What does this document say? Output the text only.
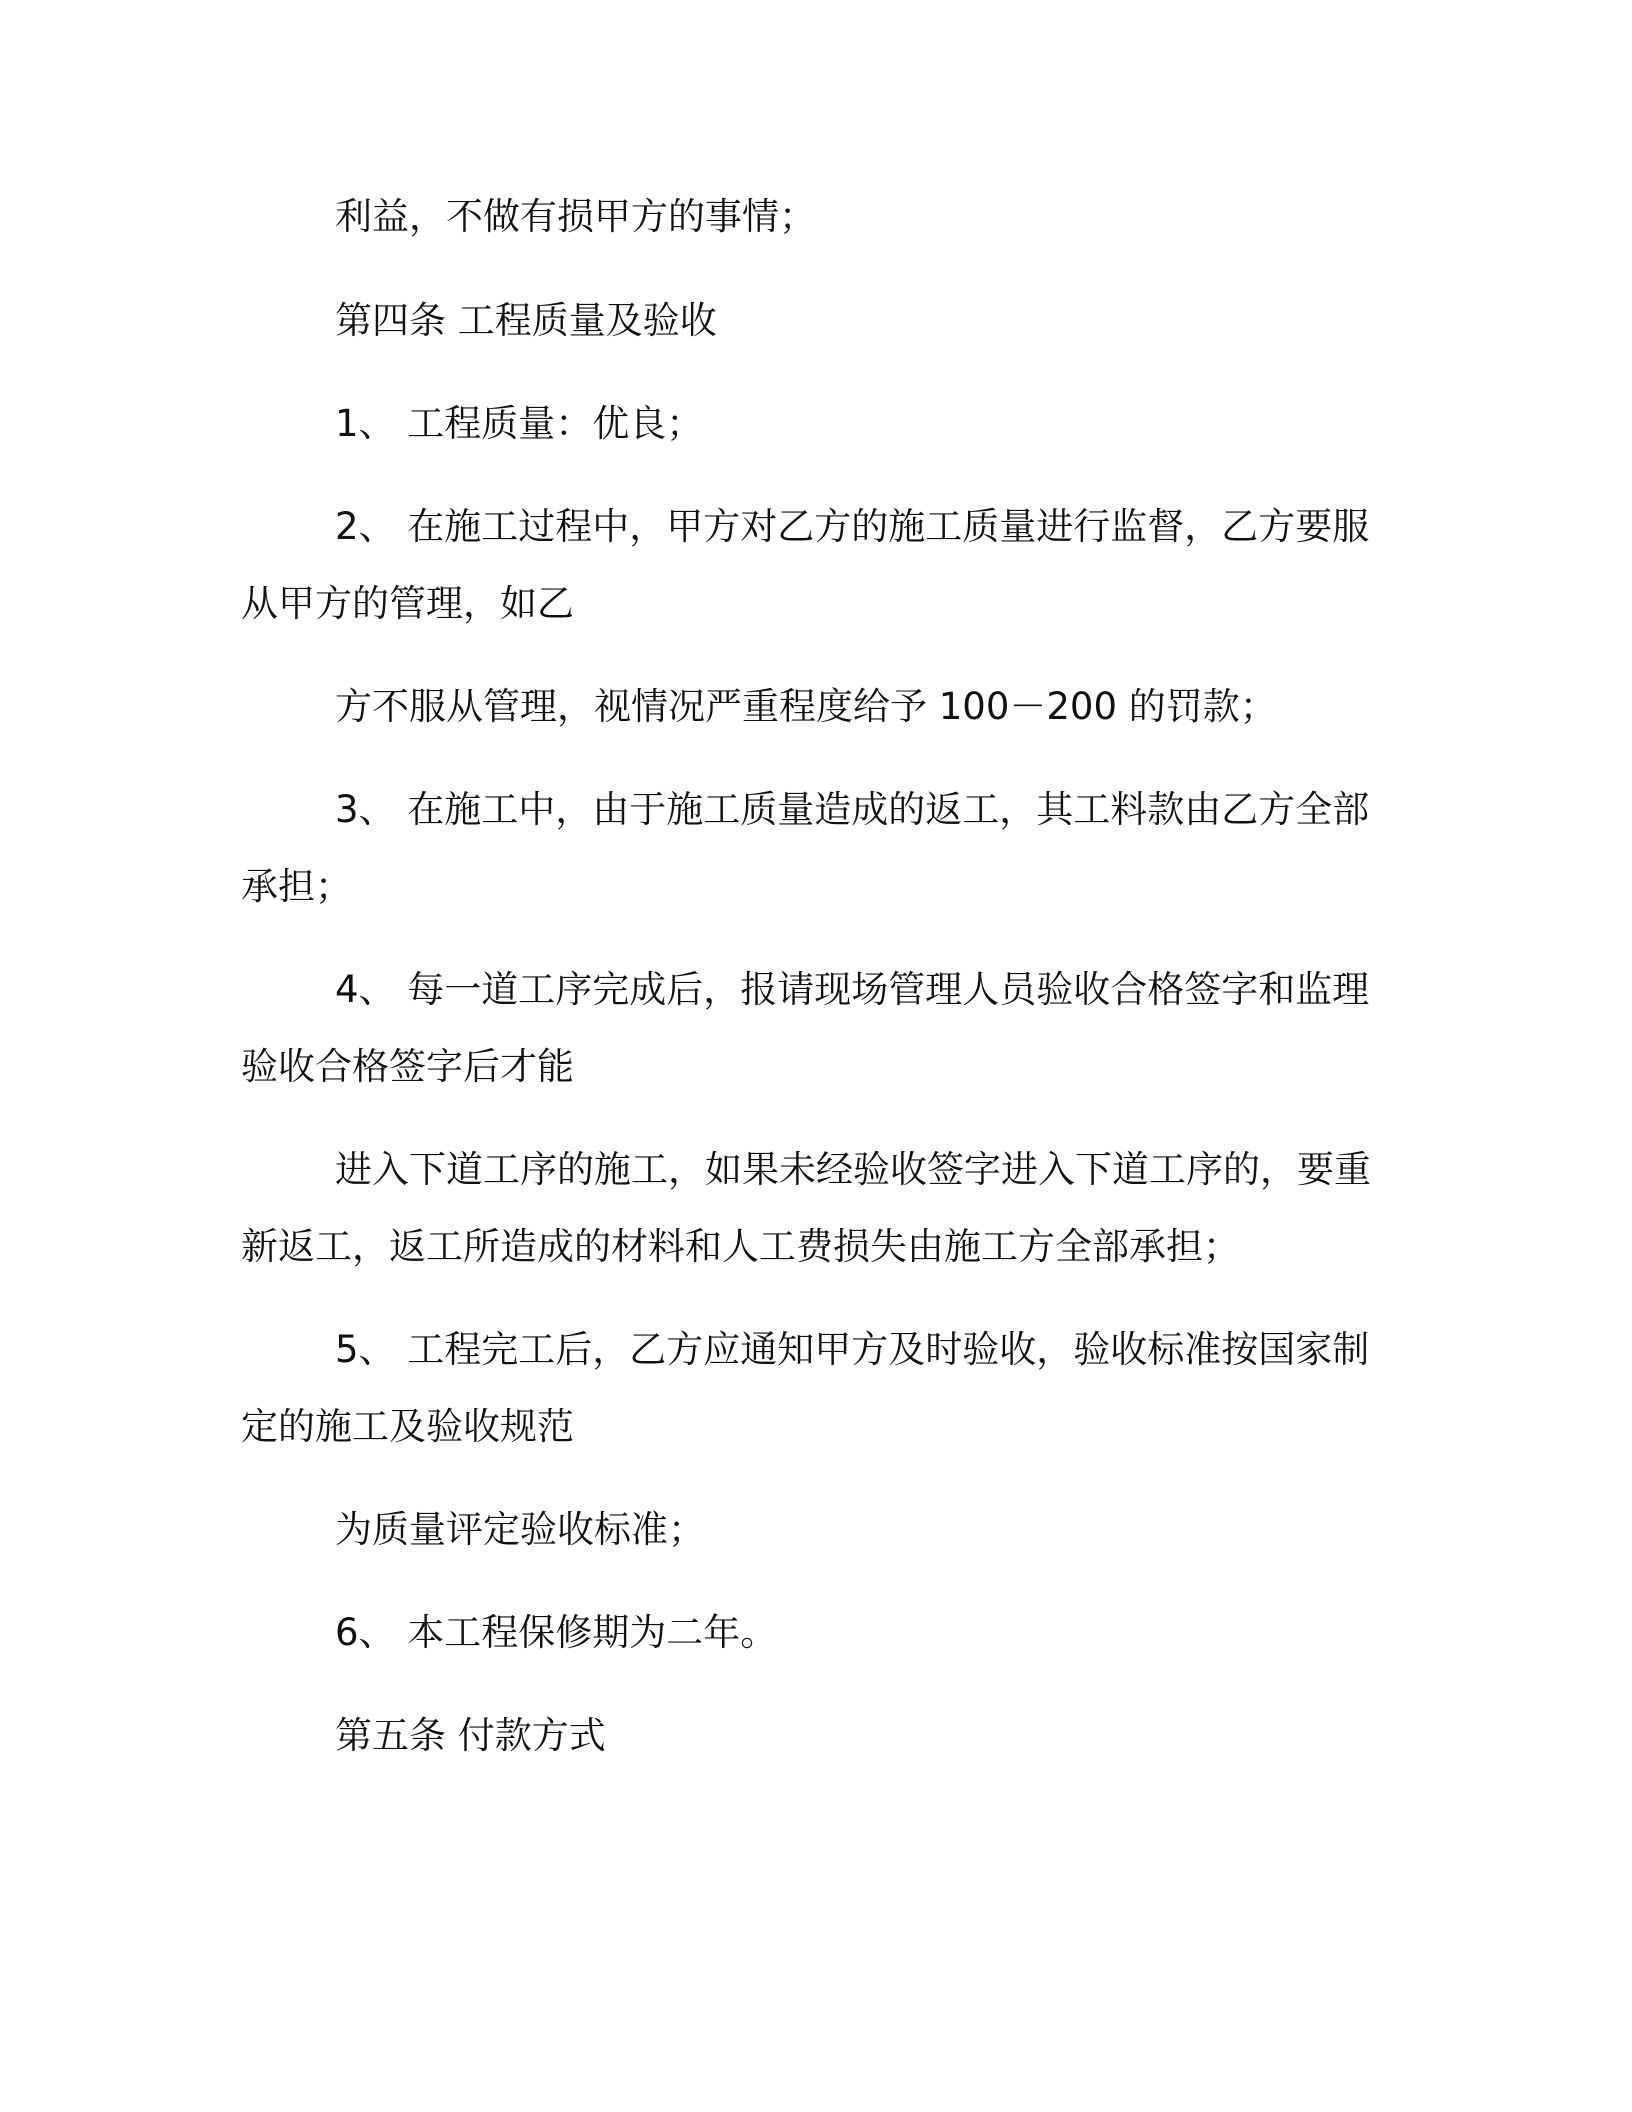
利益，不做有损甲方的事情；
第四条 工程质量及验收
1、 工程质量：优良；
2、 在施工过程中，甲方对乙方的施工质量进行监督，乙方要服
从甲方的管理，如乙
方不服从管理，视情况严重程度给予 100－200 的罚款；
3、 在施工中，由于施工质量造成的返工，其工料款由乙方全部
承担；
4、 每一道工序完成后，报请现场管理人员验收合格签字和监理
验收合格签字后才能
进入下道工序的施工，如果未经验收签字进入下道工序的，要重
新返工，返工所造成的材料和人工费损失由施工方全部承担；
5、 工程完工后，乙方应通知甲方及时验收，验收标准按国家制
定的施工及验收规范
为质量评定验收标准；
6、 本工程保修期为二年。
第五条 付款方式
